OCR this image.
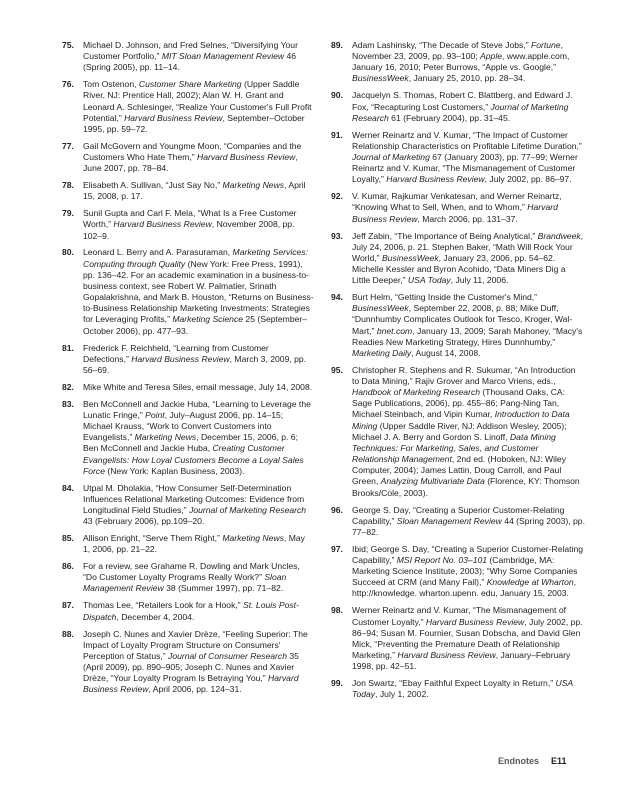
75. Michael D. Johnson, and Fred Selnes, “Diversifying Your Customer Portfolio,” MIT Sloan Management Review 46 (Spring 2005), pp. 11–14.
76. Tom Ostenon, Customer Share Marketing (Upper Saddle River, NJ: Prentice Hall, 2002); Alan W. H. Grant and Leonard A. Schlesinger, “Realize Your Customer's Full Profit Potential,” Harvard Business Review, September–October 1995, pp. 59–72.
77. Gail McGovern and Youngme Moon, “Companies and the Customers Who Hate Them,” Harvard Business Review, June 2007, pp. 78–84.
78. Elisabeth A. Sullivan, “Just Say No,” Marketing News, April 15, 2008, p. 17.
79. Sunil Gupta and Carl F. Mela, “What Is a Free Customer Worth,” Harvard Business Review, November 2008, pp. 102–9.
80. Leonard L. Berry and A. Parasuraman, Marketing Services: Computing through Quality (New York: Free Press, 1991), pp. 136–42. For an academic examination in a business-to-business context, see Robert W. Palmatier, Srinath Gopalakrishna, and Mark B. Houston, “Returns on Business-to-Business Relationship Marketing Investments: Strategies for Leveraging Profits,” Marketing Science 25 (September–October 2006), pp. 477–93.
81. Frederick F. Reichheld, “Learning from Customer Defections,” Harvard Business Review, March 3, 2009, pp. 56–69.
82. Mike White and Teresa Siles, email message, July 14, 2008.
83. Ben McConnell and Jackie Huba, “Learning to Leverage the Lunatic Fringe,” Point, July–August 2006, pp. 14–15; Michael Krauss, “Work to Convert Customers into Evangelists,” Marketing News, December 15, 2006, p. 6; Ben McConnell and Jackie Huba, Creating Customer Evangelists: How Loyal Customers Become a Loyal Sales Force (New York: Kaplan Business, 2003).
84. Utpal M. Dholakia, “How Consumer Self-Determination Influences Relational Marketing Outcomes: Evidence from Longitudinal Field Studies,” Journal of Marketing Research 43 (February 2006), pp.109–20.
85. Allison Enright, “Serve Them Right,” Marketing News, May 1, 2006, pp. 21–22.
86. For a review, see Grahame R. Dowling and Mark Uncles, “Do Customer Loyalty Programs Really Work?” Sloan Management Review 38 (Summer 1997), pp. 71–82.
87. Thomas Lee, “Retailers Look for a Hook,” St. Louis Post-Dispatch, December 4, 2004.
88. Joseph C. Nunes and Xavier Drèze, “Feeling Superior: The Impact of Loyalty Program Structure on Consumers' Perception of Status,” Journal of Consumer Research 35 (April 2009), pp. 890–905; Joseph C. Nunes and Xavier Drèze, “Your Loyalty Program Is Betraying You,” Harvard Business Review, April 2006, pp. 124–31.
89. Adam Lashinsky, “The Decade of Steve Jobs,” Fortune, November 23, 2009, pp. 93–100; Apple, www.apple.com, January 16, 2010; Peter Burrows, “Apple vs. Google,” BusinessWeek, January 25, 2010, pp. 28–34.
90. Jacquelyn S. Thomas, Robert C. Blattberg, and Edward J. Fox, “Recapturing Lost Customers,” Journal of Marketing Research 61 (February 2004), pp. 31–45.
91. Werner Reinartz and V. Kumar, “The Impact of Customer Relationship Characteristics on Profitable Lifetime Duration,” Journal of Marketing 67 (January 2003), pp. 77–99; Werner Reinartz and V. Kumar, “The Mismanagement of Customer Loyalty,” Harvard Business Review, July 2002, pp. 86–97.
92. V. Kumar, Rajkumar Venkatesan, and Werner Reinartz, “Knowing What to Sell, When, and to Whom,” Harvard Business Review, March 2006, pp. 131–37.
93. Jeff Zabin, “The Importance of Being Analytical,” Brandweek, July 24, 2006, p. 21. Stephen Baker, “Math Will Rock Your World,” BusinessWeek, January 23, 2006, pp. 54–62. Michelle Kessler and Byron Acohido, “Data Miners Dig a Little Deeper,” USA Today, July 11, 2006.
94. Burt Helm, “Getting Inside the Customer's Mind,” BusinessWeek, September 22, 2008, p. 88; Mike Duff, “Dunnhumby Complicates Outlook for Tesco, Kroger, Wal-Mart,” bnet.com, January 13, 2009; Sarah Mahoney, “Macy's Readies New Marketing Strategy, Hires Dunnhumby,” Marketing Daily, August 14, 2008.
95. Christopher R. Stephens and R. Sukumar, “An Introduction to Data Mining,” Rajiv Grover and Marco Vriens, eds., Handbook of Marketing Research (Thousand Oaks, CA: Sage Publications, 2006), pp. 455–86; Pang-Ning Tan, Michael Steinbach, and Vipin Kumar, Introduction to Data Mining (Upper Saddle River, NJ: Addison Wesley, 2005); Michael J. A. Berry and Gordon S. Linoff, Data Mining Techniques: For Marketing, Sales, and Customer Relationship Management, 2nd ed. (Hoboken, NJ: Wiley Computer, 2004); James Lattin, Doug Carroll, and Paul Green, Analyzing Multivariate Data (Florence, KY: Thomson Brooks/Cole, 2003).
96. George S. Day, “Creating a Superior Customer-Relating Capability,” Sloan Management Review 44 (Spring 2003), pp. 77–82.
97. Ibid; George S. Day, “Creating a Superior Customer-Relating Capability,” MSI Report No. 03–101 (Cambridge, MA: Marketing Science Institute, 2003); “Why Some Companies Succeed at CRM (and Many Fail),” Knowledge at Wharton, http://knowledge. wharton.upenn. edu, January 15, 2003.
98. Werner Reinartz and V. Kumar, “The Mismanagement of Customer Loyalty,” Harvard Business Review, July 2002, pp. 86–94; Susan M. Fournier, Susan Dobscha, and David Glen Mick, “Preventing the Premature Death of Relationship Marketing,” Harvard Business Review, January–February 1998, pp. 42–51.
99. Jon Swartz, “Ebay Faithful Expect Loyalty in Return,” USA Today, July 1, 2002.
Endnotes E11
